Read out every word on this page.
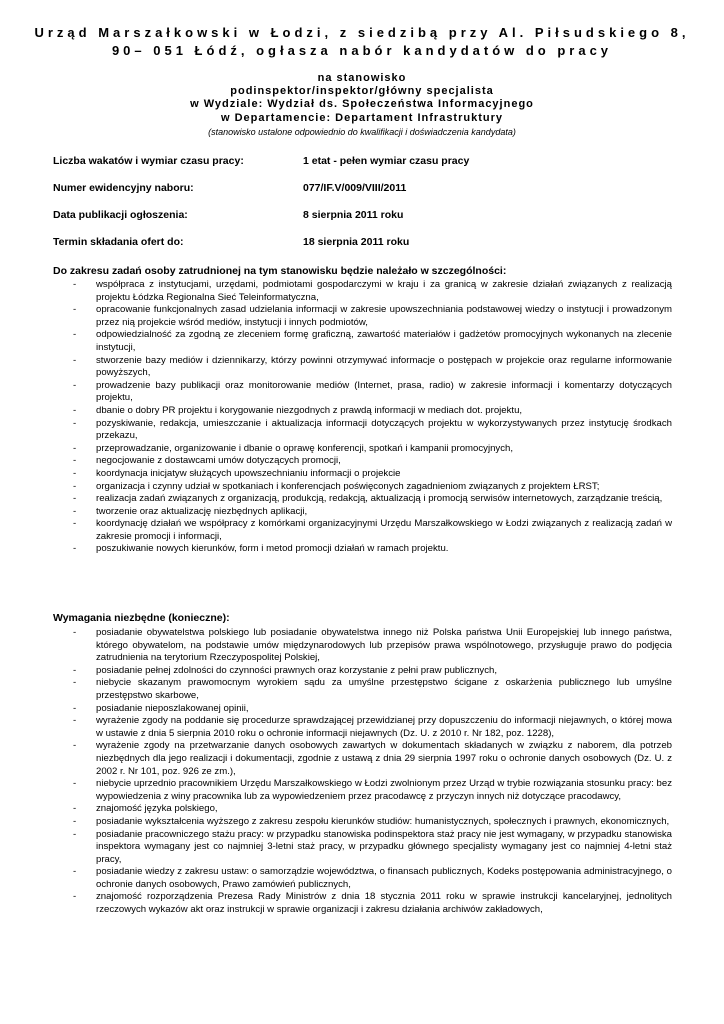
Urząd Marszałkowski w Łodzi, z siedzibą przy Al. Piłsudskiego 8,
90– 051 Łódź, ogłasza nabór kandydatów do pracy
na stanowisko
podinspektor/inspektor/główny specjalista
w Wydziale: Wydział ds. Społeczeństwa Informacyjnego
w Departamencie: Departament Infrastruktury
(stanowisko ustalone odpowiednio do kwalifikacji i doświadczenia kandydata)
Liczba wakatów i wymiar czasu pracy:	1 etat - pełen wymiar czasu pracy
Numer ewidencyjny naboru:	077/IF.V/009/VIII/2011
Data publikacji ogłoszenia:	8 sierpnia 2011 roku
Termin składania ofert do:	18 sierpnia 2011 roku
Do zakresu zadań osoby zatrudnionej na tym stanowisku będzie należało w szczególności:
- współpraca z instytucjami, urzędami, podmiotami gospodarczymi w kraju i za granicą w zakresie działań związanych z realizacją projektu Łódzka Regionalna Sieć Teleinformatyczna,
- opracowanie funkcjonalnych zasad udzielania informacji w zakresie upowszechniania podstawowej wiedzy o instytucji i prowadzonym przez nią projekcie wśród mediów, instytucji i innych podmiotów,
- odpowiedzialność za zgodną ze zleceniem formę graficzną, zawartość materiałów i gadżetów promocyjnych wykonanych na zlecenie instytucji,
- stworzenie bazy mediów i dziennikarzy, którzy powinni otrzymywać informacje o postępach w projekcie oraz regularne informowanie powyższych,
- prowadzenie bazy publikacji oraz monitorowanie mediów (Internet, prasa, radio) w zakresie informacji i komentarzy dotyczących projektu,
- dbanie o dobry PR projektu i korygowanie niezgodnych z prawdą informacji w mediach dot. projektu,
- pozyskiwanie, redakcja, umieszczanie i aktualizacja informacji dotyczących projektu w wykorzystywanych przez instytucję środkach przekazu,
- przeprowadzanie, organizowanie i dbanie o oprawę konferencji, spotkań i kampanii promocyjnych,
- negocjowanie z dostawcami umów dotyczących promocji,
- koordynacja inicjatyw służących upowszechnianiu informacji o projekcie
- organizacja i czynny udział w spotkaniach i konferencjach poświęconych zagadnieniom związanych z projektem ŁRST;
- realizacja zadań związanych z organizacją, produkcją, redakcją, aktualizacją i promocją serwisów internetowych, zarządzanie treścią,
- tworzenie oraz aktualizację niezbędnych aplikacji,
- koordynację działań we współpracy z komórkami organizacyjnymi Urzędu Marszałkowskiego w Łodzi związanych z realizacją zadań w zakresie promocji i informacji,
- poszukiwanie nowych kierunków, form i metod promocji działań w ramach projektu.
Wymagania niezbędne (konieczne):
- posiadanie obywatelstwa polskiego lub posiadanie obywatelstwa innego niż Polska państwa Unii Europejskiej lub innego państwa, którego obywatelom, na podstawie umów międzynarodowych lub przepisów prawa wspólnotowego, przysługuje prawo do podjęcia zatrudnienia na terytorium Rzeczypospolitej Polskiej,
- posiadanie pełnej zdolności do czynności prawnych oraz korzystanie z pełni praw publicznych,
- niebycie skazanym prawomocnym wyrokiem sądu za umyślne przestępstwo ścigane z oskarżenia publicznego lub umyślne przestępstwo skarbowe,
- posiadanie nieposzlakowanej opinii,
- wyrażenie zgody na poddanie się procedurze sprawdzającej przewidzianej przy dopuszczeniu do informacji niejawnych, o której mowa w ustawie z dnia 5 sierpnia 2010 roku o ochronie informacji niejawnych (Dz. U. z 2010 r. Nr 182, poz. 1228),
- wyrażenie zgody na przetwarzanie danych osobowych zawartych w dokumentach składanych w związku z naborem, dla potrzeb niezbędnych dla jego realizacji i dokumentacji, zgodnie z ustawą z dnia 29 sierpnia 1997 roku o ochronie danych osobowych (Dz. U. z 2002 r. Nr 101, poz. 926 ze zm.),
- niebycie uprzednio pracownikiem Urzędu Marszałkowskiego w Łodzi zwolnionym przez Urząd w trybie rozwiązania stosunku pracy: bez wypowiedzenia z winy pracownika lub za wypowiedzeniem przez pracodawcę z przyczyn innych niż dotyczące pracodawcy,
- znajomość języka polskiego,
- posiadanie wykształcenia wyższego z zakresu zespołu kierunków studiów: humanistycznych, społecznych i prawnych, ekonomicznych,
- posiadanie pracowniczego stażu pracy: w przypadku stanowiska podinspektora staż pracy nie jest wymagany, w przypadku stanowiska inspektora wymagany jest co najmniej 3-letni staż pracy, w przypadku głównego specjalisty wymagany jest co najmniej 4-letni staż pracy,
- posiadanie wiedzy z zakresu ustaw: o samorządzie województwa, o finansach publicznych, Kodeks postępowania administracyjnego, o ochronie danych osobowych, Prawo zamówień publicznych,
- znajomość rozporządzenia Prezesa Rady Ministrów z dnia 18 stycznia 2011 roku w sprawie instrukcji kancelaryjnej, jednolitych rzeczowych wykazów akt oraz instrukcji w sprawie organizacji i zakresu działania archiwów zakładowych,
